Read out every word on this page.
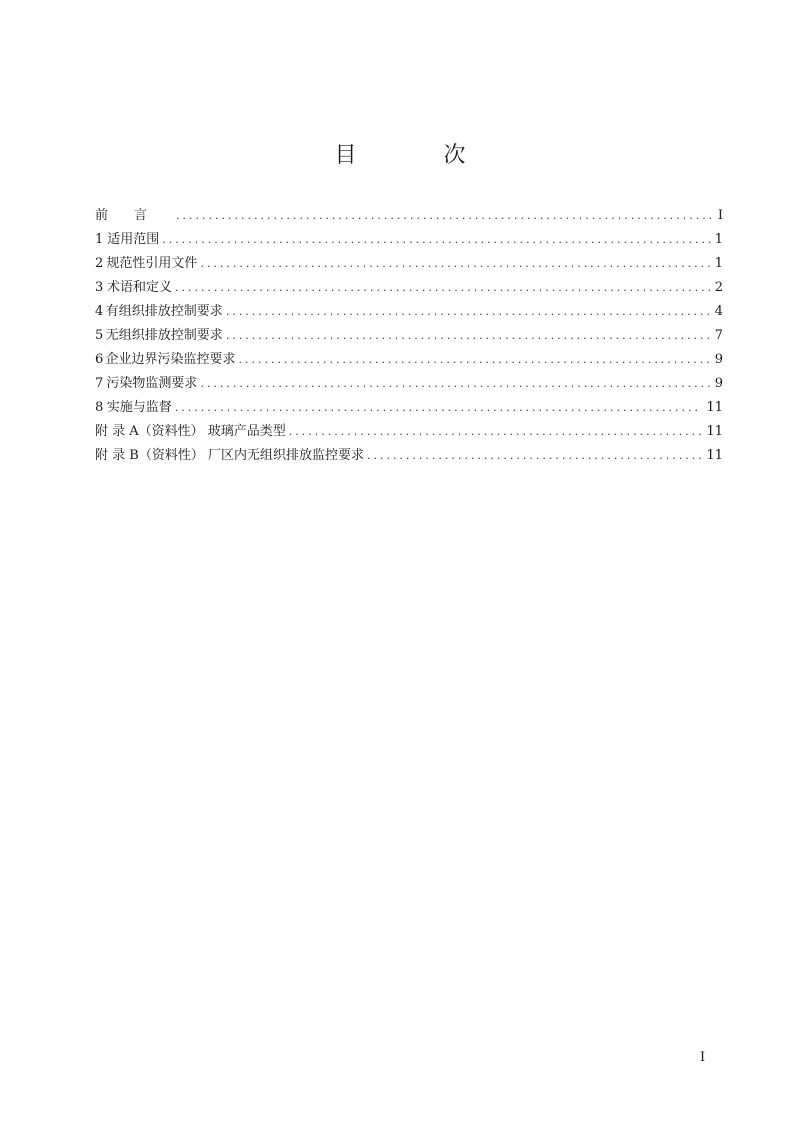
目 次
前言 .....	I
1 适用范围 .....	1
2 规范性引用文件 .....	1
3 术语和定义 .....	2
4 有组织排放控制要求 .....	4
5 无组织排放控制要求 .....	7
6 企业边界污染监控要求 .....	9
7 污染物监测要求 .....	9
8 实施与监督 .....	11
附 录 A（资料性） 玻璃产品类型 .....	11
附 录 B（资料性） 厂区内无组织排放监控要求 .....	11
I
